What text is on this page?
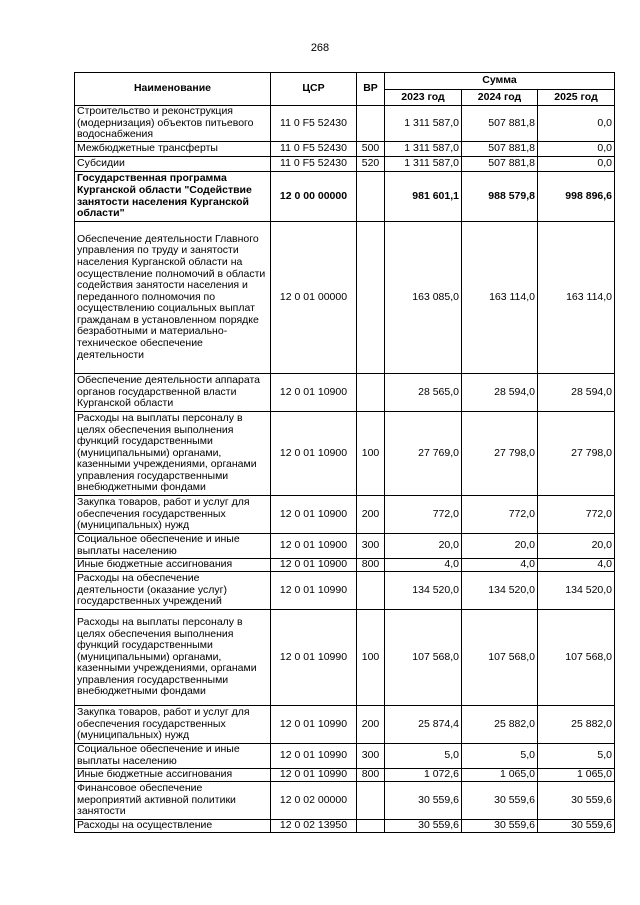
268
Наименование	ЦСР	ВР	Сумма		
			2023 год	2024 год	2025 год
Строительство и реконструкция (модернизация) объектов питьевого водоснабжения	11 0 F5 52430		1 311 587,0	507 881,8	0,0
Межбюджетные трансферты	11 0 F5 52430	500	1 311 587,0	507 881,8	0,0
Субсидии	11 0 F5 52430	520	1 311 587,0	507 881,8	0,0
Государственная программа Курганской области "Содействие занятости населения Курганской области"	12 0 00 00000		981 601,1	988 579,8	998 896,6
Обеспечение деятельности Главного управления по труду и занятости населения Курганской области на осуществление полномочий в области содействия занятости населения и переданного полномочия по осуществлению социальных выплат гражданам в установленном порядке безработными и материально-техническое обеспечение деятельности	12 0 01 00000		163 085,0	163 114,0	163 114,0
Обеспечение деятельности аппарата органов государственной власти Курганской области	12 0 01 10900		28 565,0	28 594,0	28 594,0
Расходы на выплаты персоналу в целях обеспечения выполнения функций государственными (муниципальными) органами, казенными учреждениями, органами управления государственными внебюджетными фондами	12 0 01 10900	100	27 769,0	27 798,0	27 798,0
Закупка товаров, работ и услуг для обеспечения государственных (муниципальных) нужд	12 0 01 10900	200	772,0	772,0	772,0
Социальное обеспечение и иные выплаты населению	12 0 01 10900	300	20,0	20,0	20,0
Иные бюджетные ассигнования	12 0 01 10900	800	4,0	4,0	4,0
Расходы на обеспечение деятельности (оказание услуг) государственных учреждений	12 0 01 10990		134 520,0	134 520,0	134 520,0
Расходы на выплаты персоналу в целях обеспечения выполнения функций государственными (муниципальными) органами, казенными учреждениями, органами управления государственными внебюджетными фондами	12 0 01 10990	100	107 568,0	107 568,0	107 568,0
Закупка товаров, работ и услуг для обеспечения государственных (муниципальных) нужд	12 0 01 10990	200	25 874,4	25 882,0	25 882,0
Социальное обеспечение и иные выплаты населению	12 0 01 10990	300	5,0	5,0	5,0
Иные бюджетные ассигнования	12 0 01 10990	800	1 072,6	1 065,0	1 065,0
Финансовое обеспечение мероприятий активной политики занятости	12 0 02 00000		30 559,6	30 559,6	30 559,6
Расходы на осуществление	12 0 02 13950		30 559,6	30 559,6	30 559,6
